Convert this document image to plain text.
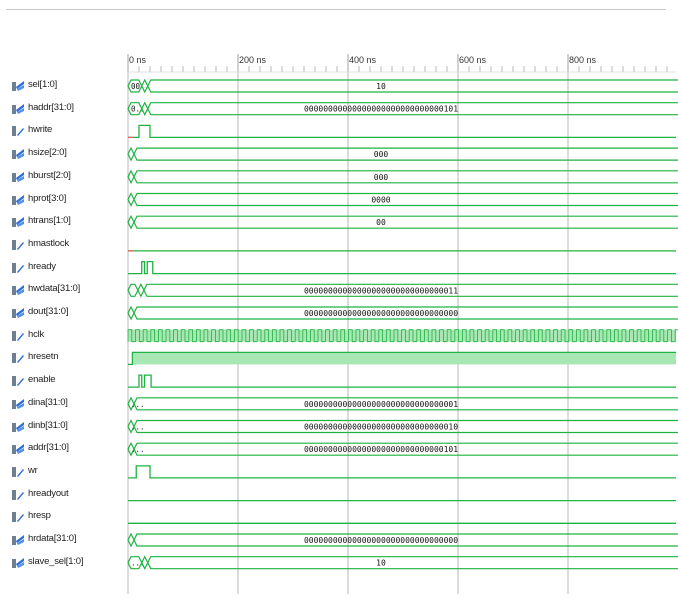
sel[1:0]
haddr[31:0]
hwrite
hsize[2:0]
hburst[2:0]
hprot[3:0]
htrans[1:0]
hmastlock
hready
hwdata[31:0]
dout[31:0]
hclk
hresetn
enable
dina[31:0]
dinb[31:0]
addr[31:0]
wr
hreadyout
hresp
hrdata[31:0]
slave_sel[1:0]
0 ns	200 ns	400 ns	600 ns	800 ns
00	10
0...	00000000000000000000000000000101
000
000
0000
00
00000000000000000000000000000011
00000000000000000000000000000000
...	00000000000000000000000000000001
...	00000000000000000000000000000010
...	00000000000000000000000000000101
00000000000000000000000000000000
...	10
